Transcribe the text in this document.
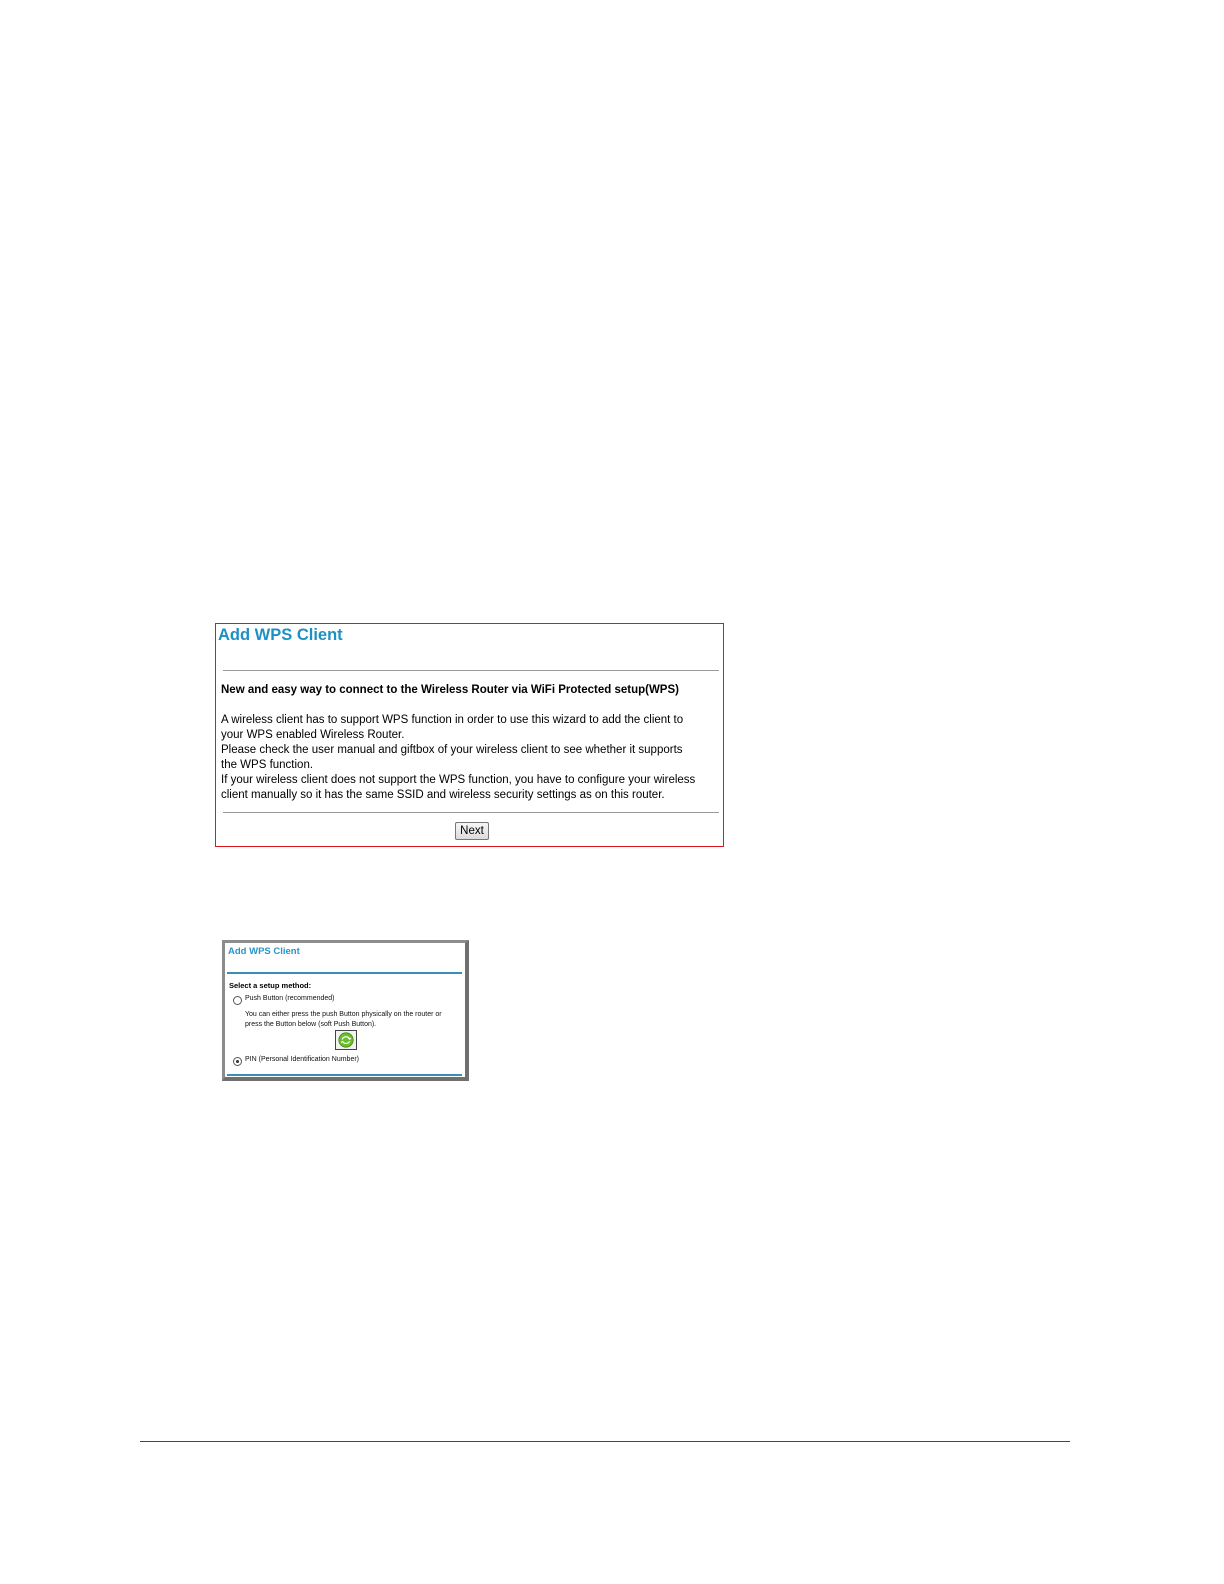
Add WPS Client
New and easy way to connect to the Wireless Router via WiFi Protected setup(WPS)
A wireless client has to support WPS function in order to use this wizard to add the client to
your WPS enabled Wireless Router.
Please check the user manual and giftbox of your wireless client to see whether it supports
the WPS function.
If your wireless client does not support the WPS function, you have to configure your wireless
client manually so it has the same SSID and wireless security settings as on this router.
Next
Add WPS Client
Select a setup method:
Push Button (recommended)
You can either press the push Button physically on the router or
press the Button below (soft Push Button).
PIN (Personal Identification Number)
